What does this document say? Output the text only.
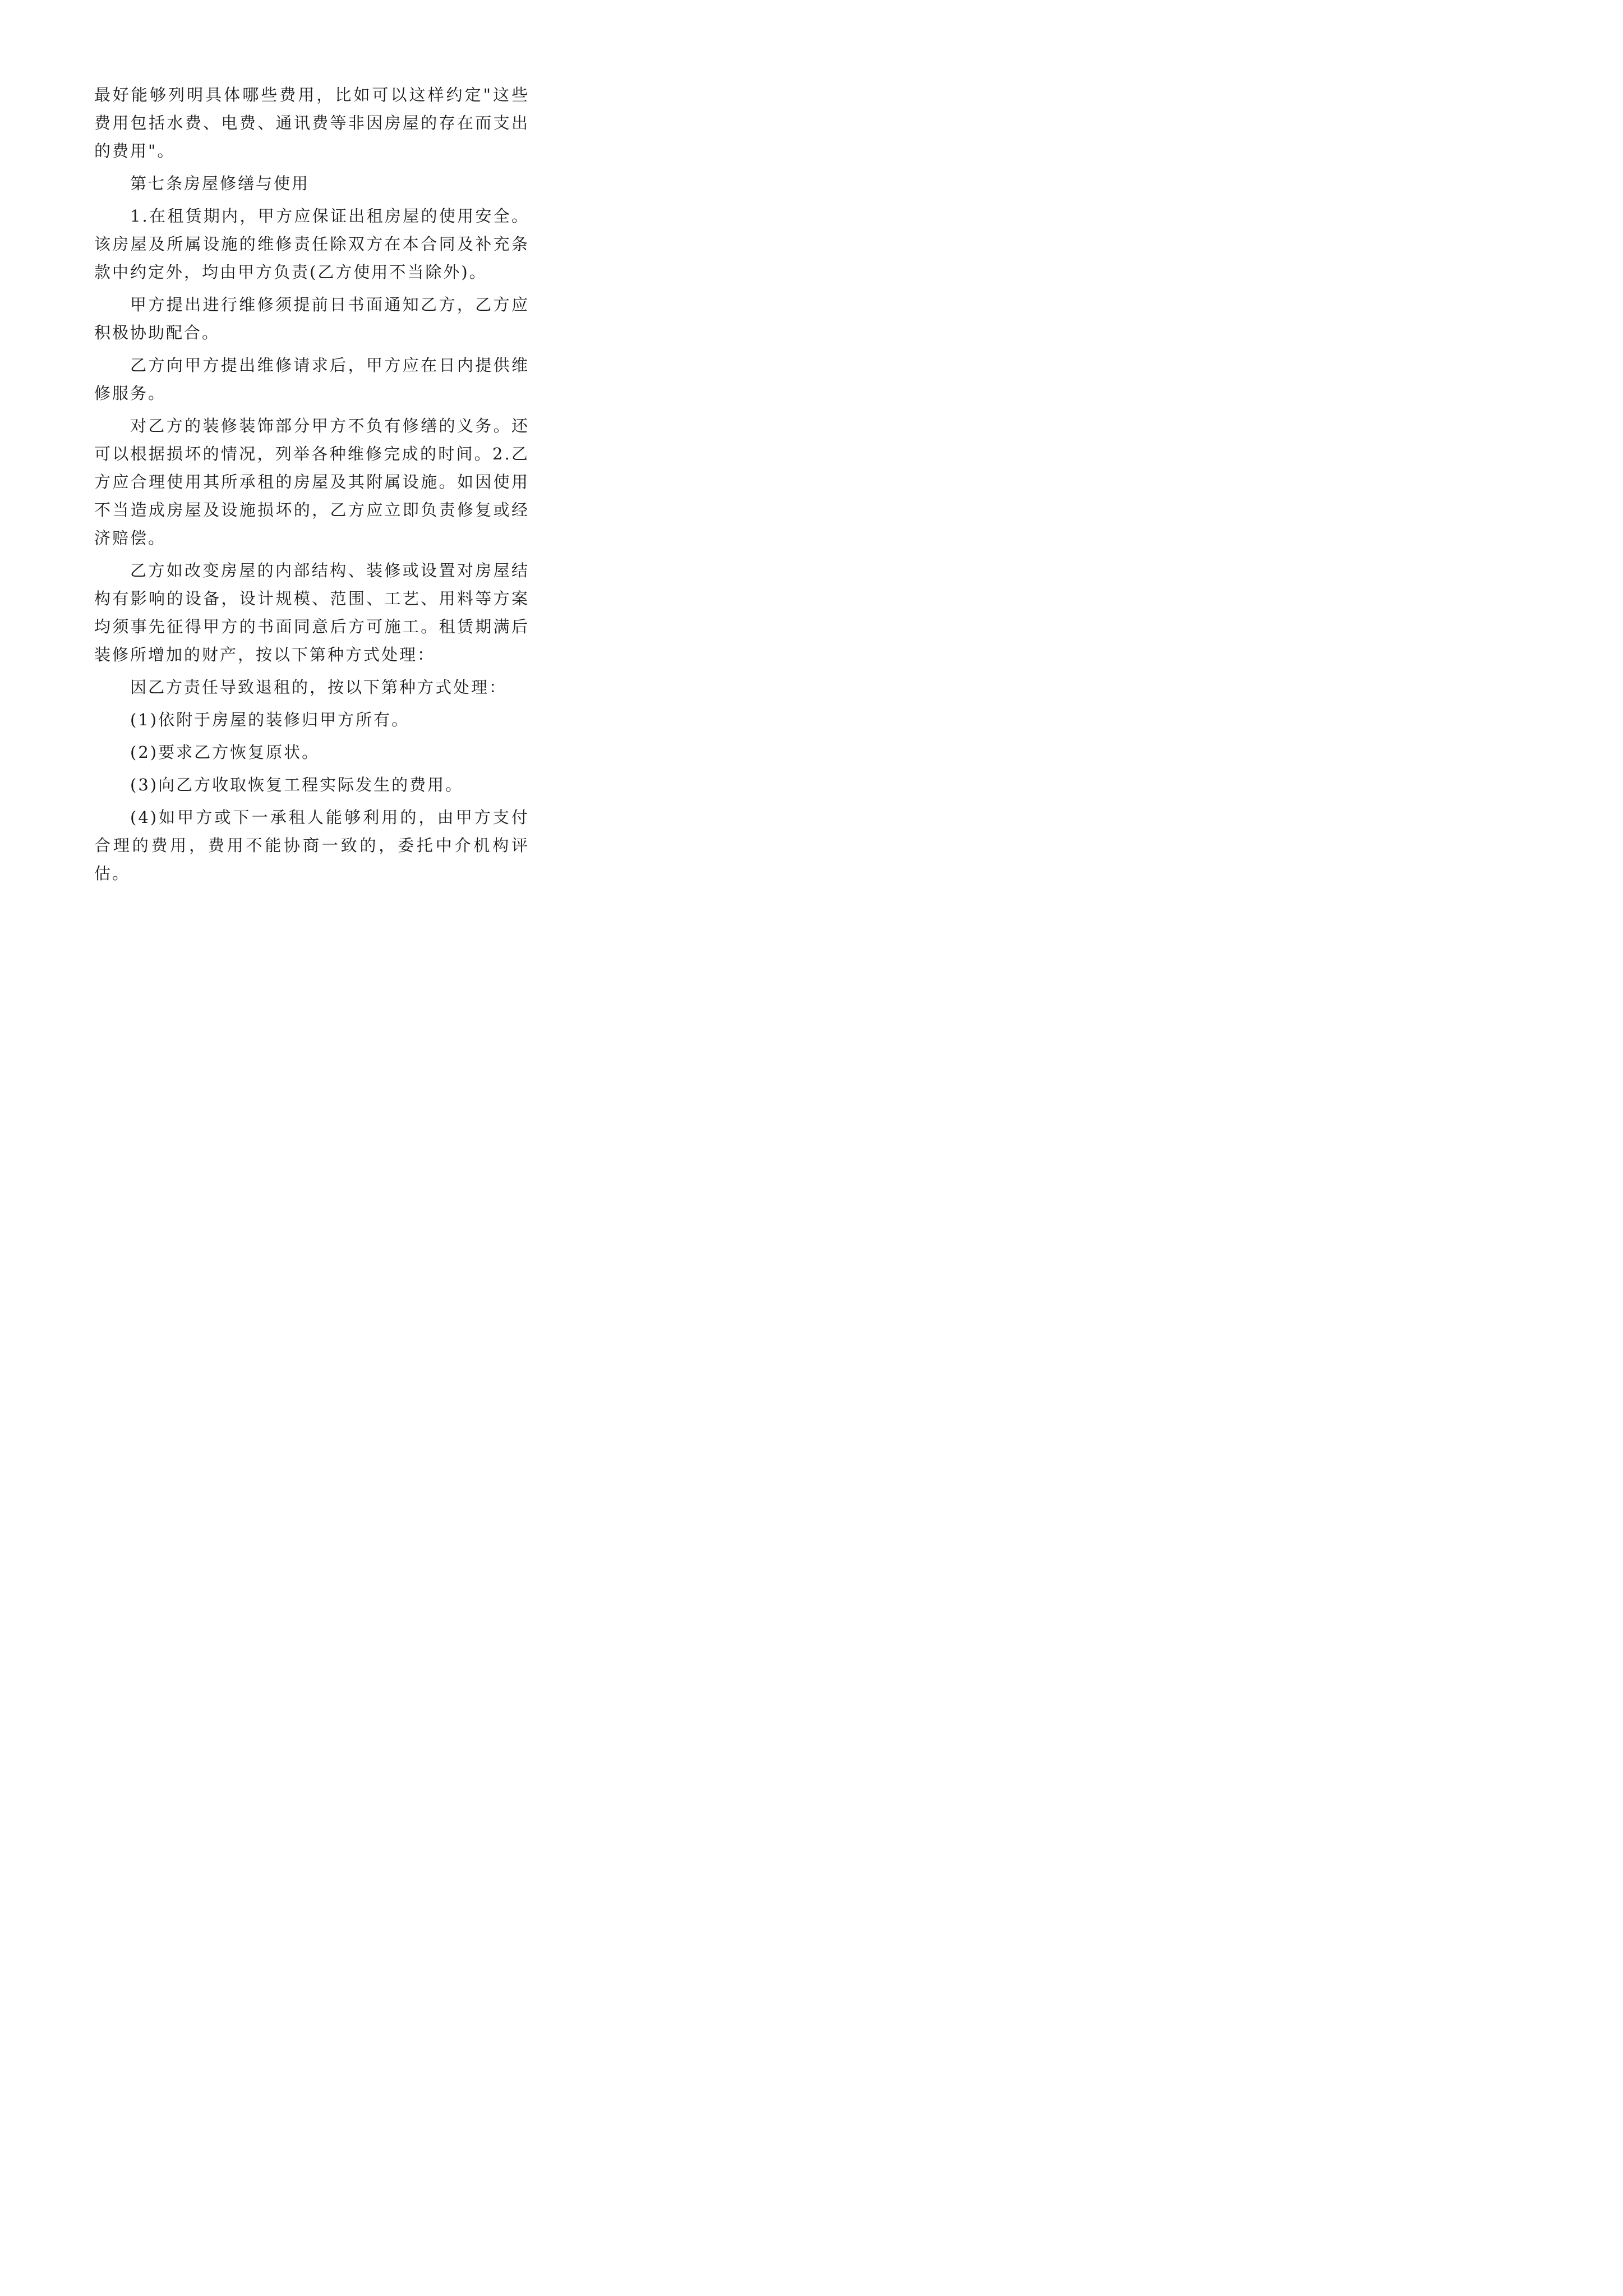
最好能够列明具体哪些费用，比如可以这样约定"这些费用包括水费、电费、通讯费等非因房屋的存在而支出的费用"。

第七条房屋修缮与使用

1.在租赁期内，甲方应保证出租房屋的使用安全。该房屋及所属设施的维修责任除双方在本合同及补充条款中约定外，均由甲方负责(乙方使用不当除外)。

甲方提出进行维修须提前日书面通知乙方，乙方应积极协助配合。

乙方向甲方提出维修请求后，甲方应在日内提供维修服务。

对乙方的装修装饰部分甲方不负有修缮的义务。还可以根据损坏的情况，列举各种维修完成的时间。2.乙方应合理使用其所承租的房屋及其附属设施。如因使用不当造成房屋及设施损坏的，乙方应立即负责修复或经济赔偿。

乙方如改变房屋的内部结构、装修或设置对房屋结构有影响的设备，设计规模、范围、工艺、用料等方案均须事先征得甲方的书面同意后方可施工。租赁期满后装修所增加的财产，按以下第种方式处理：

因乙方责任导致退租的，按以下第种方式处理：

(1)依附于房屋的装修归甲方所有。

(2)要求乙方恢复原状。

(3)向乙方收取恢复工程实际发生的费用。

(4)如甲方或下一承租人能够利用的，由甲方支付合理的费用，费用不能协商一致的，委托中介机构评估。
